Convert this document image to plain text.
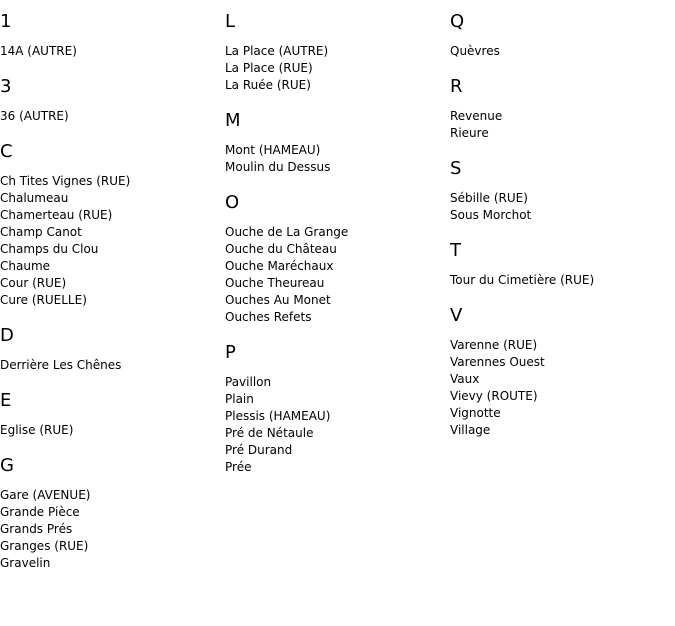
1
14A (AUTRE)
3
36 (AUTRE)
C
Ch Tites Vignes (RUE)
Chalumeau
Chamerteau (RUE)
Champ Canot
Champs du Clou
Chaume
Cour (RUE)
Cure (RUELLE)
D
Derrière Les Chênes
E
Eglise (RUE)
G
Gare (AVENUE)
Grande Pièce
Grands Prés
Granges (RUE)
Gravelin
L
La Place (AUTRE)
La Place (RUE)
La Ruée (RUE)
M
Mont (HAMEAU)
Moulin du Dessus
O
Ouche de La Grange
Ouche du Château
Ouche Maréchaux
Ouche Theureau
Ouches Au Monet
Ouches Refets
P
Pavillon
Plain
Plessis (HAMEAU)
Pré de Nétaule
Pré Durand
Prée
Q
Quèvres
R
Revenue
Rieure
S
Sébille (RUE)
Sous Morchot
T
Tour du Cimetière (RUE)
V
Varenne (RUE)
Varennes Ouest
Vaux
Vievy (ROUTE)
Vignotte
Village
